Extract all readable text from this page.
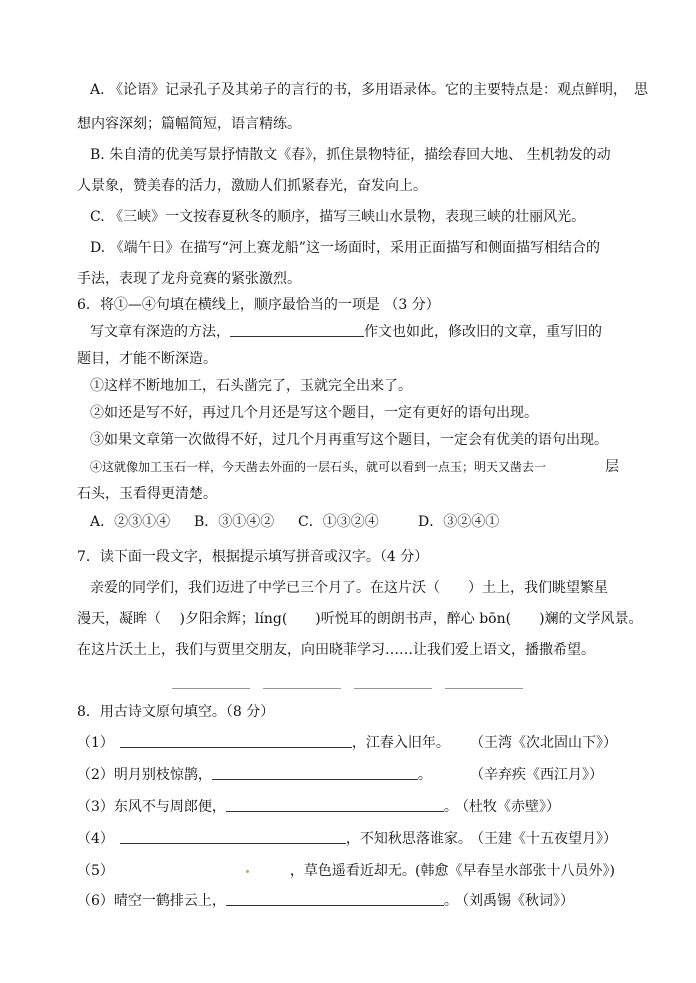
A. 《论语》记录孔子及其弟子的言行的书，多用语录体。它的主要特点是：观点鲜明，　思
想内容深刻；篇幅简短，语言精练。
B. 朱自清的优美写景抒情散文《春》，抓住景物特征，描绘春回大地、 生机勃发的动
人景象，赞美春的活力，激励人们抓紧春光，奋发向上。
C. 《三峡》一文按春夏秋冬的顺序，描写三峡山水景物，表现三峡的壮丽风光。
D. 《端午日》在描写“河上赛龙船”这一场面时，采用正面描写和侧面描写相结合的
手法，表现了龙舟竞赛的紧张激烈。
6．将①—④句填在横线上，顺序最恰当的一项是 （3 分）
写文章有深造的方法，	作文也如此，修改旧的文章，重写旧的
题目，才能不断深造。
①这样不断地加工，石头凿完了，玉就完全出来了。
②如还是写不好，再过几个月还是写这个题目，一定有更好的语句出现。
③如果文章第一次做得不好，过几个月再重写这个题目，一定会有优美的语句出现。
④这就像加工玉石一样，今天凿去外面的一层石头，就可以看到一点玉；明天又凿去一	层
石头，玉看得更清楚。
A．②③①④ B．③①④② C．①③②④	D．③②④①
7．读下面一段文字，根据提示填写拼音或汉字。（4 分）
亲爱的同学们，我们迈进了中学已三个月了。在这片沃（　　）土上，我们眺望繁星
漫天，凝眸（　 )夕阳余辉；líng(　　)听悦耳的朗朗书声，醉心 bōn(　　)斓的文学风景。
在这片沃土上，我们与贾里交朋友，向田晓菲学习……让我们爱上语文，播撒希望。
8．用古诗文原句填空。（8 分）
（1）	，江春入旧年。 （王湾《次北固山下》）
（2）明月别枝惊鹊，	。	（辛弃疾《西江月》）
（3）东风不与周郎便，	。
（杜牧《赤壁》）
（4）	，不知秋思落谁家。
（王建《十五夜望月》）
（5）	，草色遥看近却无。 (韩愈《早春呈水部张十八员外》)
（6）晴空一鹤排云上，	。
（刘禹锡《秋词》）
